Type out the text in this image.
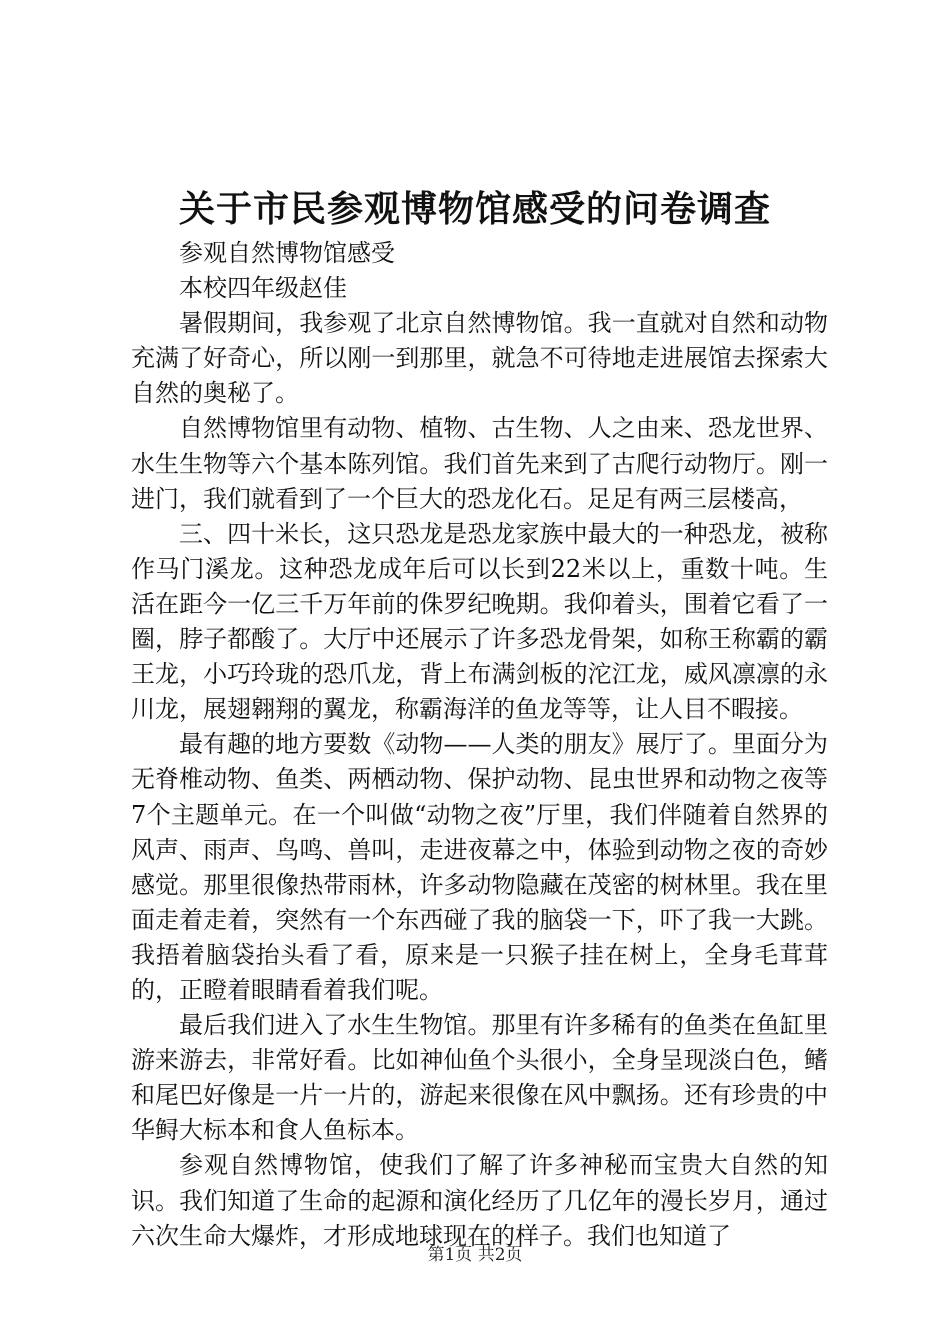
关于市民参观博物馆感受的问卷调查

参观自然博物馆感受

本校四年级赵佳

暑假期间，我参观了北京自然博物馆。我一直就对自然和动物充满了好奇心，所以刚一到那里，就急不可待地走进展馆去探索大自然的奥秘了。

自然博物馆里有动物、植物、古生物、人之由来、恐龙世界、水生生物等六个基本陈列馆。我们首先来到了古爬行动物厅。刚一进门，我们就看到了一个巨大的恐龙化石。足足有两三层楼高，

三、四十米长，这只恐龙是恐龙家族中最大的一种恐龙，被称作马门溪龙。这种恐龙成年后可以长到22米以上，重数十吨。生活在距今一亿三千万年前的侏罗纪晚期。我仰着头，围着它看了一圈，脖子都酸了。大厅中还展示了许多恐龙骨架，如称王称霸的霸王龙，小巧玲珑的恐爪龙，背上布满剑板的沱江龙，威风凛凛的永川龙，展翅翱翔的翼龙，称霸海洋的鱼龙等等，让人目不暇接。

最有趣的地方要数《动物——人类的朋友》展厅了。里面分为无脊椎动物、鱼类、两栖动物、保护动物、昆虫世界和动物之夜等7个主题单元。在一个叫做“动物之夜”厅里，我们伴随着自然界的风声、雨声、鸟鸣、兽叫，走进夜幕之中，体验到动物之夜的奇妙感觉。那里很像热带雨林，许多动物隐藏在茂密的树林里。我在里面走着走着，突然有一个东西碰了我的脑袋一下，吓了我一大跳。我捂着脑袋抬头看了看，原来是一只猴子挂在树上，全身毛茸茸的，正瞪着眼睛看着我们呢。

最后我们进入了水生生物馆。那里有许多稀有的鱼类在鱼缸里游来游去，非常好看。比如神仙鱼个头很小，全身呈现淡白色，鳍和尾巴好像是一片一片的，游起来很像在风中飘扬。还有珍贵的中华鲟大标本和食人鱼标本。

参观自然博物馆，使我们了解了许多神秘而宝贵大自然的知识。我们知道了生命的起源和演化经历了几亿年的漫长岁月，通过六次生命大爆炸，才形成地球现在的样子。我们也知道了

第1页 共2页
